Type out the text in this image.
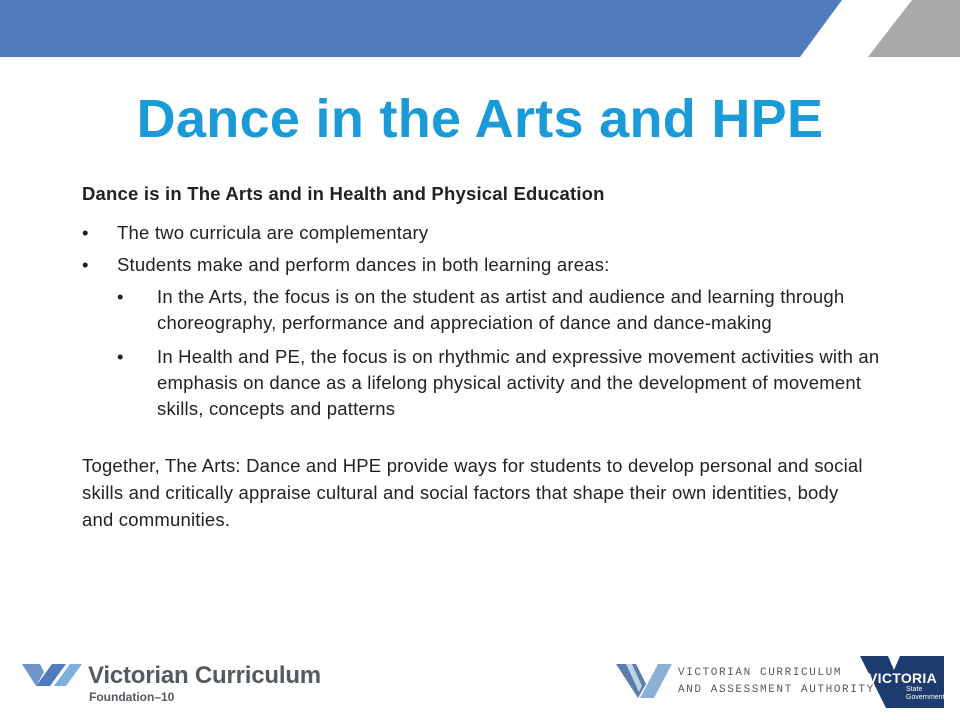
Dance in the Arts and HPE

Dance is in The Arts and in Health and Physical Education

• The two curricula are complementary
• Students make and perform dances in both learning areas:
• In the Arts, the focus is on the student as artist and audience and learning through choreography, performance and appreciation of dance and dance-making
• In Health and PE, the focus is on rhythmic and expressive movement activities with an emphasis on dance as a lifelong physical activity and the development of movement skills, concepts and patterns

Together, The Arts: Dance and HPE provide ways for students to develop personal and social skills and critically appraise cultural and social factors that shape their own identities, body and communities.

Victorian Curriculum
Foundation–10
VICTORIAN CURRICULUM
AND ASSESSMENT AUTHORITY
VICTORIA
State
Government
